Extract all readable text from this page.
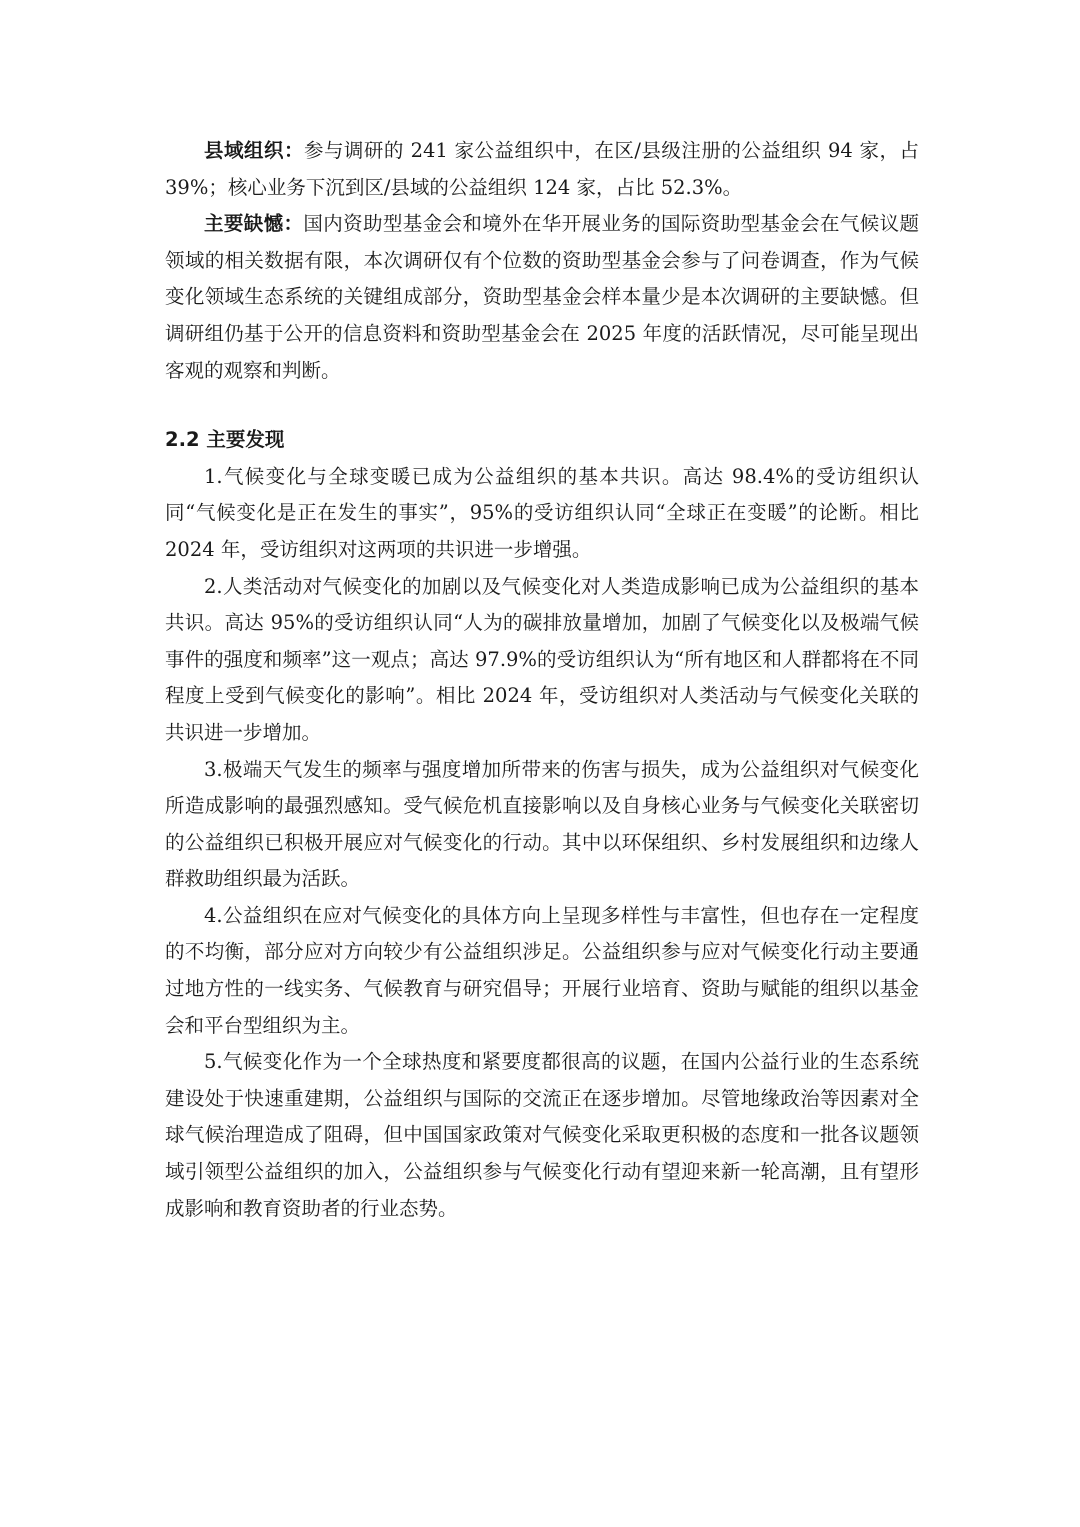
县域组织：参与调研的 241 家公益组织中，在区/县级注册的公益组织 94 家，占 39%；核心业务下沉到区/县域的公益组织 124 家，占比 52.3%。

主要缺憾：国内资助型基金会和境外在华开展业务的国际资助型基金会在气候议题领域的相关数据有限，本次调研仅有个位数的资助型基金会参与了问卷调查，作为气候变化领域生态系统的关键组成部分，资助型基金会样本量少是本次调研的主要缺憾。但调研组仍基于公开的信息资料和资助型基金会在 2025 年度的活跃情况，尽可能呈现出客观的观察和判断。

2.2 主要发现

1.气候变化与全球变暖已成为公益组织的基本共识。高达 98.4%的受访组织认同“气候变化是正在发生的事实”，95%的受访组织认同“全球正在变暖”的论断。相比 2024 年，受访组织对这两项的共识进一步增强。

2.人类活动对气候变化的加剧以及气候变化对人类造成影响已成为公益组织的基本共识。高达 95%的受访组织认同“人为的碳排放量增加，加剧了气候变化以及极端气候事件的强度和频率”这一观点；高达 97.9%的受访组织认为“所有地区和人群都将在不同程度上受到气候变化的影响”。相比 2024 年，受访组织对人类活动与气候变化关联的共识进一步增加。

3.极端天气发生的频率与强度增加所带来的伤害与损失，成为公益组织对气候变化所造成影响的最强烈感知。受气候危机直接影响以及自身核心业务与气候变化关联密切的公益组织已积极开展应对气候变化的行动。其中以环保组织、乡村发展组织和边缘人群救助组织最为活跃。

4.公益组织在应对气候变化的具体方向上呈现多样性与丰富性，但也存在一定程度的不均衡，部分应对方向较少有公益组织涉足。公益组织参与应对气候变化行动主要通过地方性的一线实务、气候教育与研究倡导；开展行业培育、资助与赋能的组织以基金会和平台型组织为主。

5.气候变化作为一个全球热度和紧要度都很高的议题，在国内公益行业的生态系统建设处于快速重建期，公益组织与国际的交流正在逐步增加。尽管地缘政治等因素对全球气候治理造成了阻碍，但中国国家政策对气候变化采取更积极的态度和一批各议题领域引领型公益组织的加入，公益组织参与气候变化行动有望迎来新一轮高潮，且有望形成影响和教育资助者的行业态势。
